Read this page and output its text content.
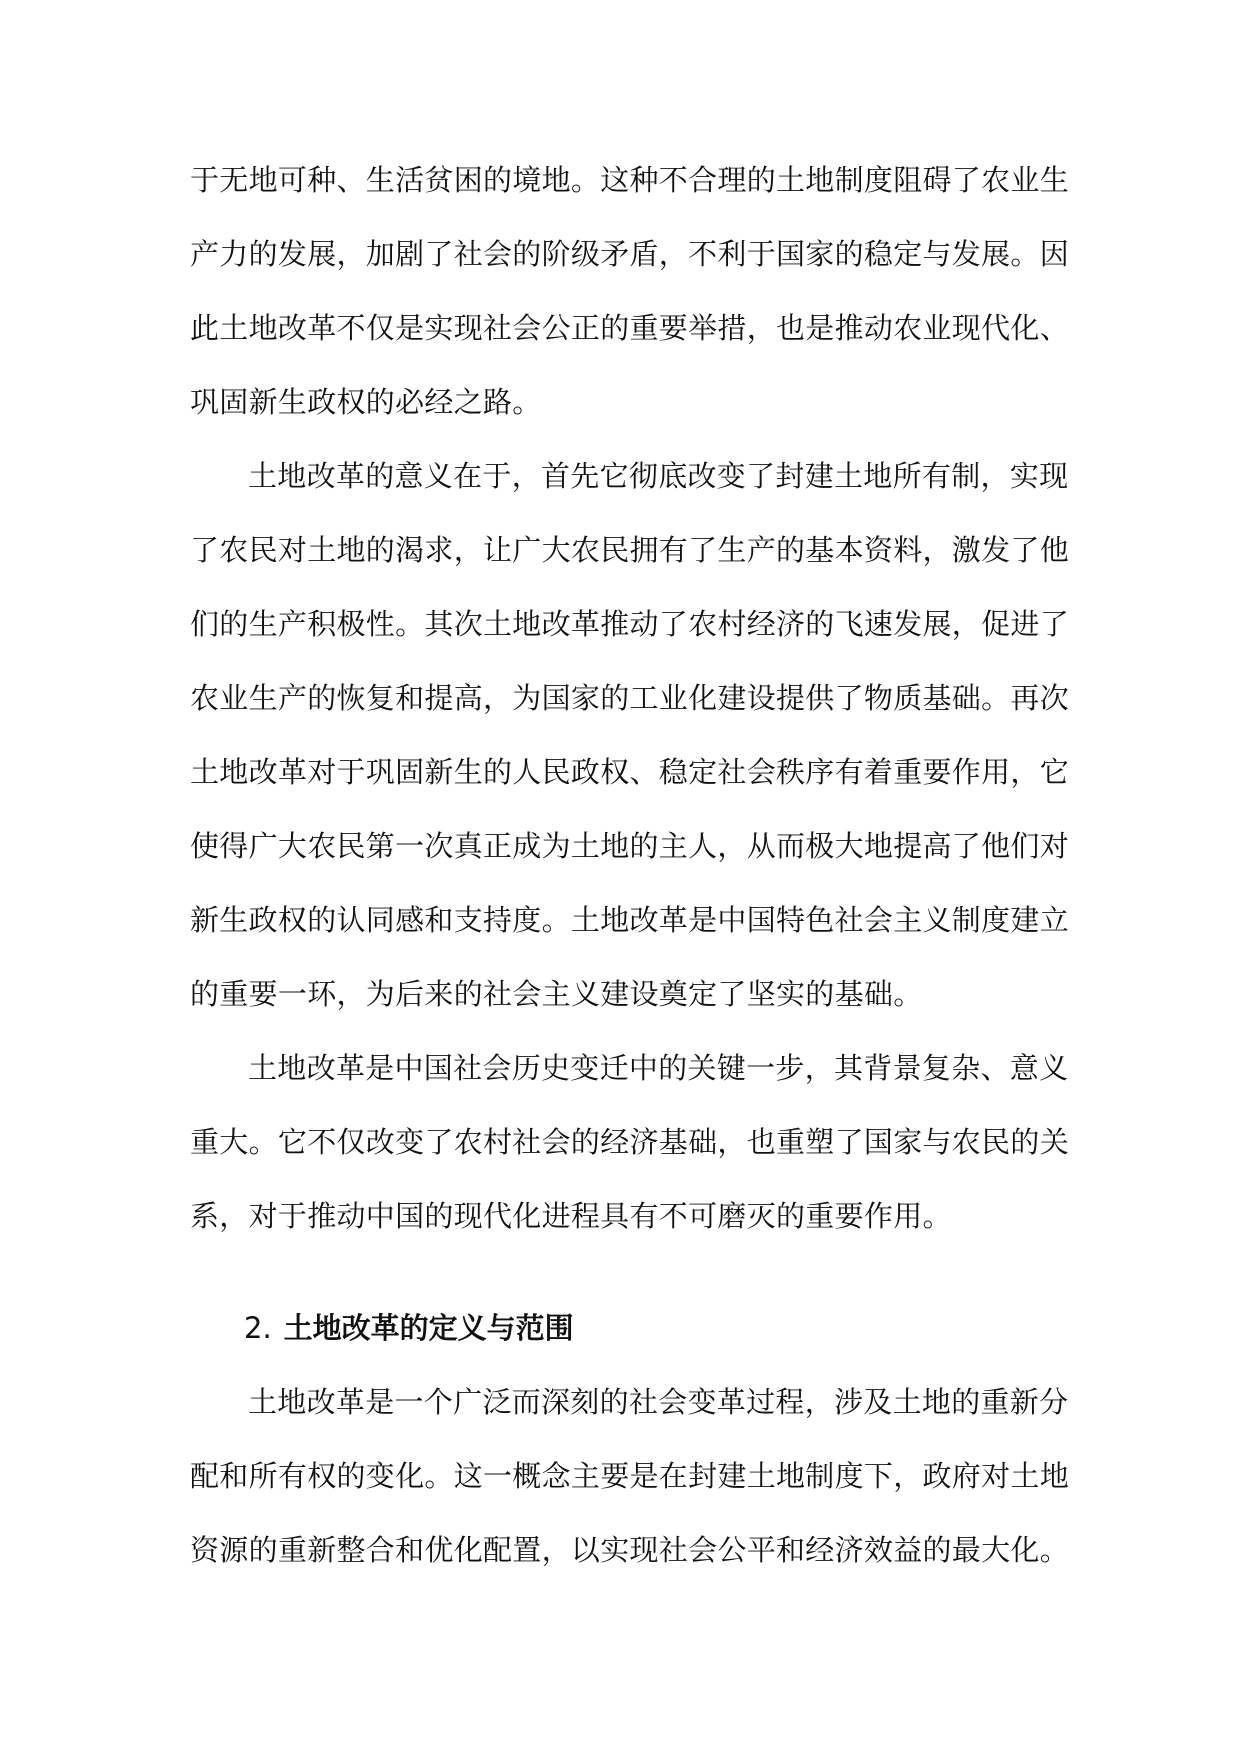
于无地可种、生活贫困的境地。这种不合理的土地制度阻碍了农业生
产力的发展，加剧了社会的阶级矛盾，不利于国家的稳定与发展。因
此土地改革不仅是实现社会公正的重要举措，也是推动农业现代化、
巩固新生政权的必经之路。

土地改革的意义在于，首先它彻底改变了封建土地所有制，实现
了农民对土地的渴求，让广大农民拥有了生产的基本资料，激发了他
们的生产积极性。其次土地改革推动了农村经济的飞速发展，促进了
农业生产的恢复和提高，为国家的工业化建设提供了物质基础。再次
土地改革对于巩固新生的人民政权、稳定社会秩序有着重要作用，它
使得广大农民第一次真正成为土地的主人，从而极大地提高了他们对
新生政权的认同感和支持度。土地改革是中国特色社会主义制度建立
的重要一环，为后来的社会主义建设奠定了坚实的基础。

土地改革是中国社会历史变迁中的关键一步，其背景复杂、意义
重大。它不仅改变了农村社会的经济基础，也重塑了国家与农民的关
系，对于推动中国的现代化进程具有不可磨灭的重要作用。

2. 土地改革的定义与范围

土地改革是一个广泛而深刻的社会变革过程，涉及土地的重新分
配和所有权的变化。这一概念主要是在封建土地制度下，政府对土地
资源的重新整合和优化配置，以实现社会公平和经济效益的最大化。
